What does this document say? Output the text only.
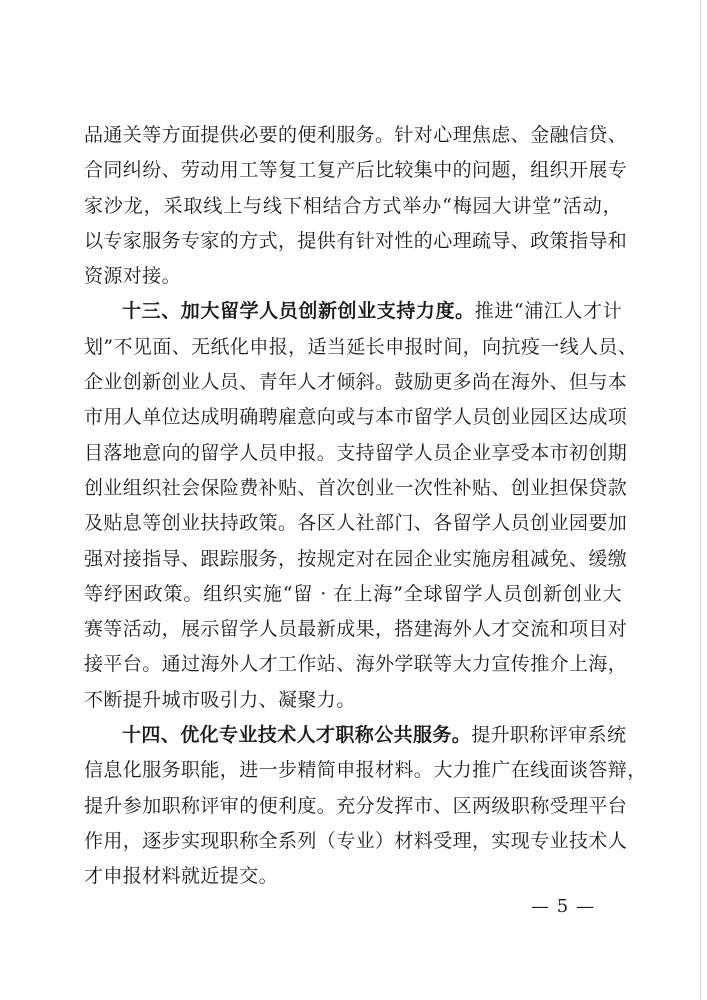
品通关等方面提供必要的便利服务。针对心理焦虑、金融信贷、
合同纠纷、劳动用工等复工复产后比较集中的问题，组织开展专
家沙龙，采取线上与线下相结合方式举办“梅园大讲堂”活动，
以专家服务专家的方式，提供有针对性的心理疏导、政策指导和
资源对接。
十三、加大留学人员创新创业支持力度。推进“浦江人才计
划”不见面、无纸化申报，适当延长申报时间，向抗疫一线人员、
企业创新创业人员、青年人才倾斜。鼓励更多尚在海外、但与本
市用人单位达成明确聘雇意向或与本市留学人员创业园区达成项
目落地意向的留学人员申报。支持留学人员企业享受本市初创期
创业组织社会保险费补贴、首次创业一次性补贴、创业担保贷款
及贴息等创业扶持政策。各区人社部门、各留学人员创业园要加
强对接指导、跟踪服务，按规定对在园企业实施房租减免、缓缴
等纾困政策。组织实施“留 · 在上海”全球留学人员创新创业大
赛等活动，展示留学人员最新成果，搭建海外人才交流和项目对
接平台。通过海外人才工作站、海外学联等大力宣传推介上海，
不断提升城市吸引力、凝聚力。
十四、优化专业技术人才职称公共服务。提升职称评审系统
信息化服务职能，进一步精简申报材料。大力推广在线面谈答辩，
提升参加职称评审的便利度。充分发挥市、区两级职称受理平台
作用，逐步实现职称全系列（专业）材料受理，实现专业技术人
才申报材料就近提交。
— 5 —
